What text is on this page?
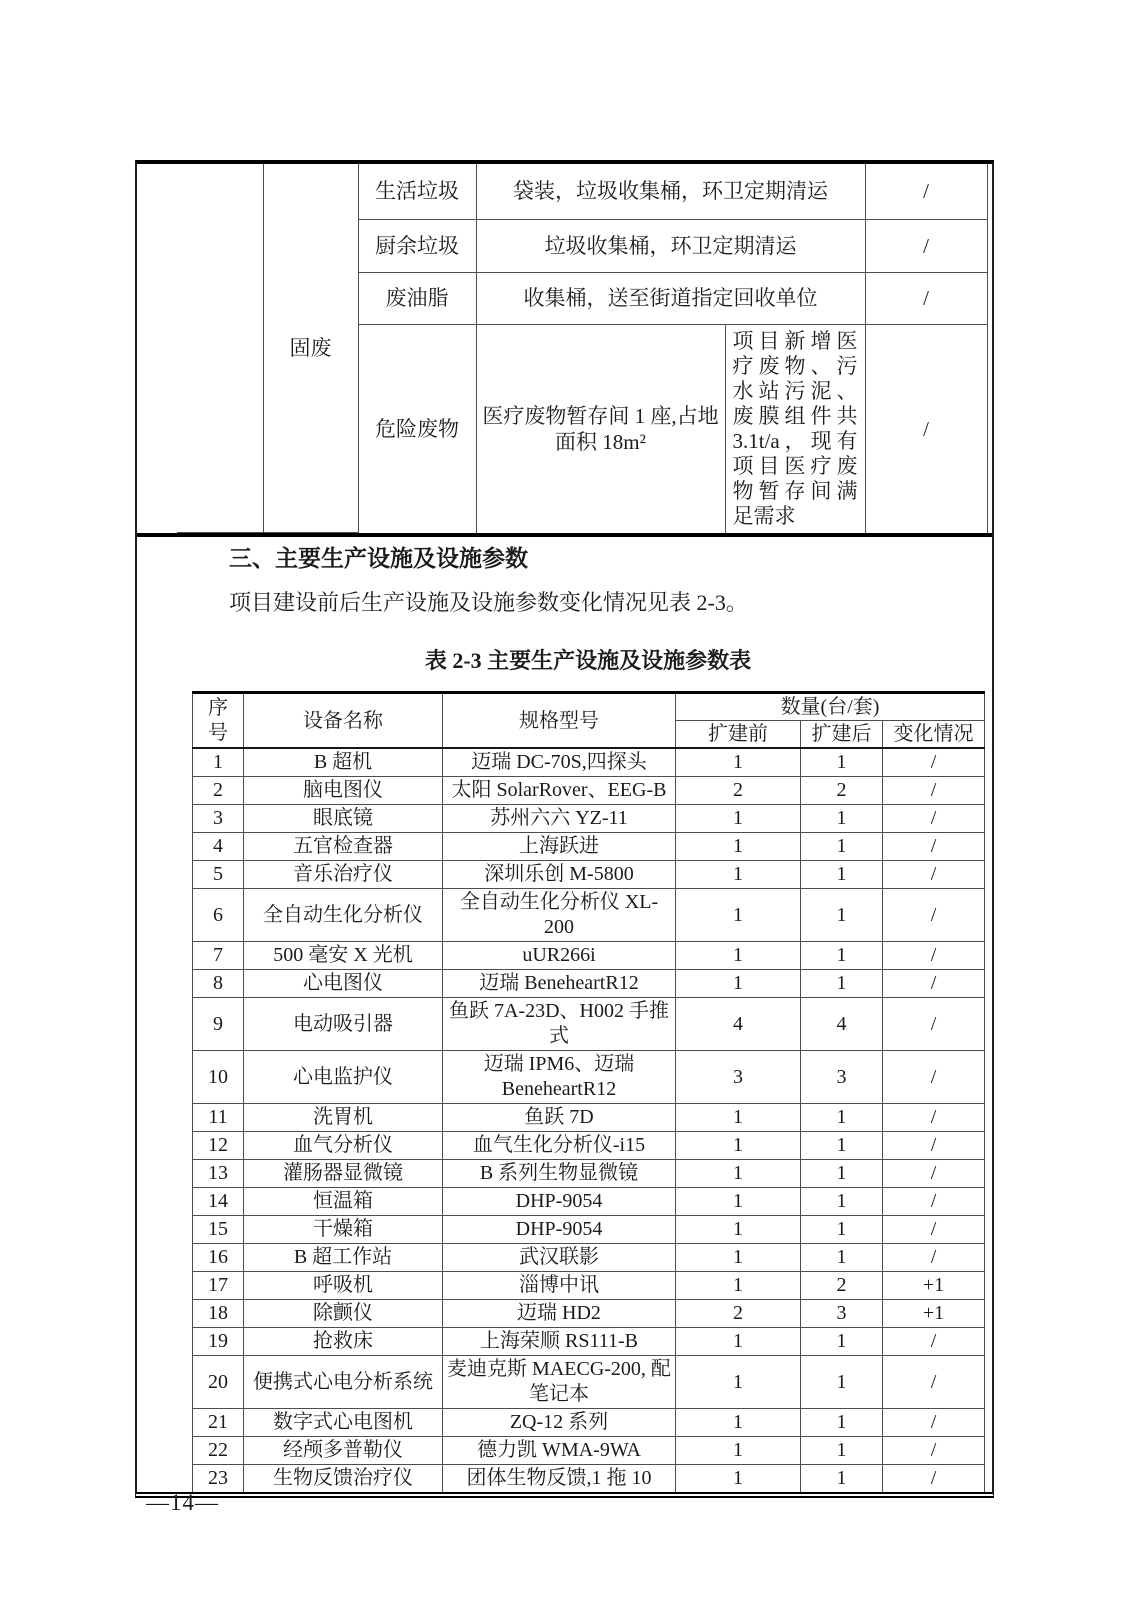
	固废	生活垃圾	袋装，垃圾收集桶，环卫定期清运		/
		厨余垃圾	垃圾收集桶，环卫定期清运		/
		废油脂	收集桶，送至街道指定回收单位		/
		危险废物	医疗废物暂存间 1 座,占地面积 18m²	项目新增医疗废物、污水站污泥、废膜组件共 3.1t/a，现有项目医疗废物暂存间满足需求	/
三、主要生产设施及设施参数
项目建设前后生产设施及设施参数变化情况见表 2-3。
表 2-3 主要生产设施及设施参数表
序号	设备名称	规格型号	数量(台/套)		
			扩建前	扩建后	变化情况
1	B 超机	迈瑞 DC-70S,四探头	1	1	/
2	脑电图仪	太阳 SolarRover、EEG-B	2	2	/
3	眼底镜	苏州六六 YZ-11	1	1	/
4	五官检查器	上海跃进	1	1	/
5	音乐治疗仪	深圳乐创 M-5800	1	1	/
6	全自动生化分析仪	全自动生化分析仪 XL-200	1	1	/
7	500 毫安 X 光机	uUR266i	1	1	/
8	心电图仪	迈瑞 BeneheartR12	1	1	/
9	电动吸引器	鱼跃 7A-23D、H002 手推式	4	4	/
10	心电监护仪	迈瑞 IPM6、迈瑞 BeneheartR12	3	3	/
11	洗胃机	鱼跃 7D	1	1	/
12	血气分析仪	血气生化分析仪-i15	1	1	/
13	灌肠器显微镜	B 系列生物显微镜	1	1	/
14	恒温箱	DHP-9054	1	1	/
15	干燥箱	DHP-9054	1	1	/
16	B 超工作站	武汉联影	1	1	/
17	呼吸机	淄博中讯	1	2	+1
18	除颤仪	迈瑞 HD2	2	3	+1
19	抢救床	上海荣顺 RS111-B	1	1	/
20	便携式心电分析系统	麦迪克斯 MAECG-200, 配笔记本	1	1	/
21	数字式心电图机	ZQ-12 系列	1	1	/
22	经颅多普勒仪	德力凯 WMA-9WA	1	1	/
23	生物反馈治疗仪	团体生物反馈,1 拖 10	1	1	/
—14—
